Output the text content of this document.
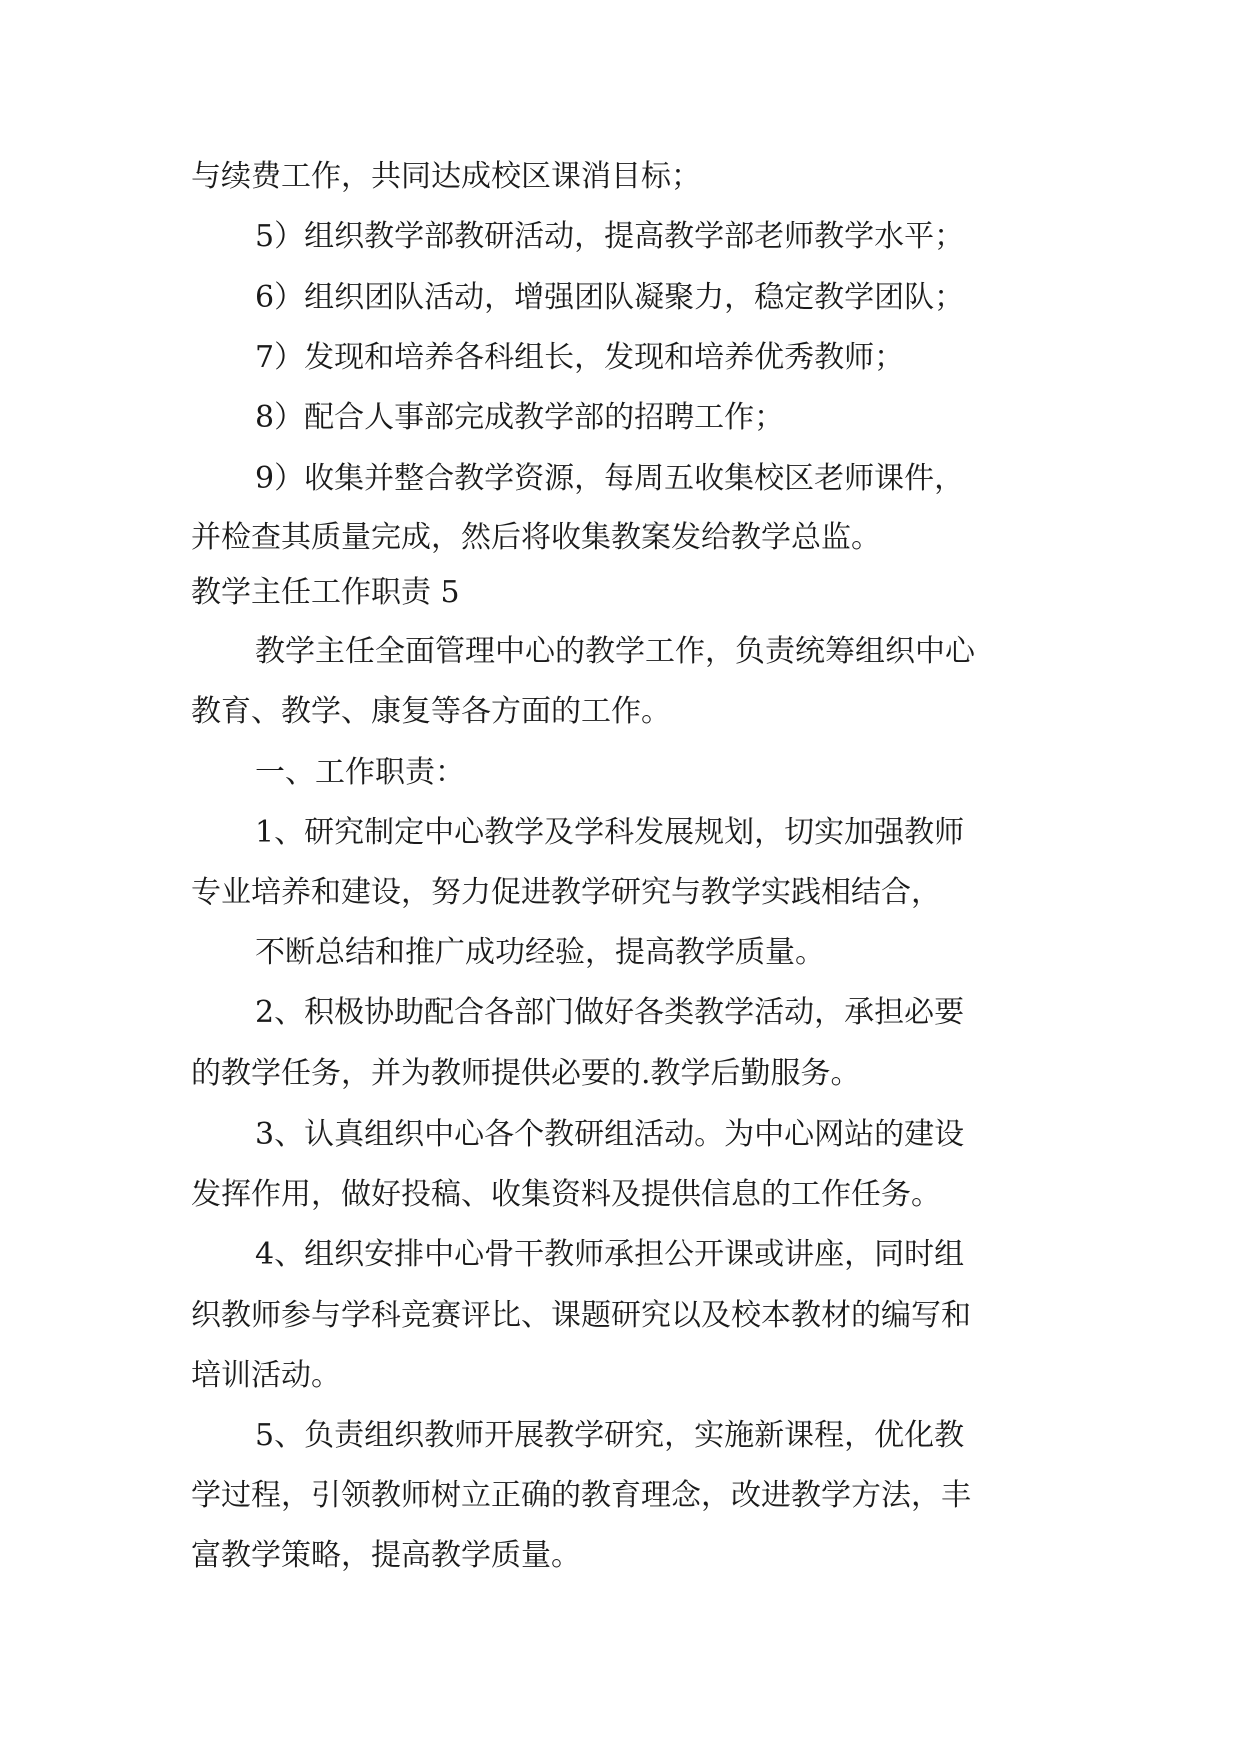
与续费工作，共同达成校区课消目标；
5）组织教学部教研活动，提高教学部老师教学水平；
6）组织团队活动，增强团队凝聚力，稳定教学团队；
7）发现和培养各科组长，发现和培养优秀教师；
8）配合人事部完成教学部的招聘工作；
9）收集并整合教学资源，每周五收集校区老师课件，
并检查其质量完成，然后将收集教案发给教学总监。
教学主任工作职责 5
教学主任全面管理中心的教学工作，负责统筹组织中心
教育、教学、康复等各方面的工作。
一、工作职责：
1、研究制定中心教学及学科发展规划，切实加强教师
专业培养和建设，努力促进教学研究与教学实践相结合，
不断总结和推广成功经验，提高教学质量。
2、积极协助配合各部门做好各类教学活动，承担必要
的教学任务，并为教师提供必要的.教学后勤服务。
3、认真组织中心各个教研组活动。为中心网站的建设
发挥作用，做好投稿、收集资料及提供信息的工作任务。
4、组织安排中心骨干教师承担公开课或讲座，同时组
织教师参与学科竞赛评比、课题研究以及校本教材的编写和
培训活动。
5、负责组织教师开展教学研究，实施新课程，优化教
学过程，引领教师树立正确的教育理念，改进教学方法，丰
富教学策略，提高教学质量。
